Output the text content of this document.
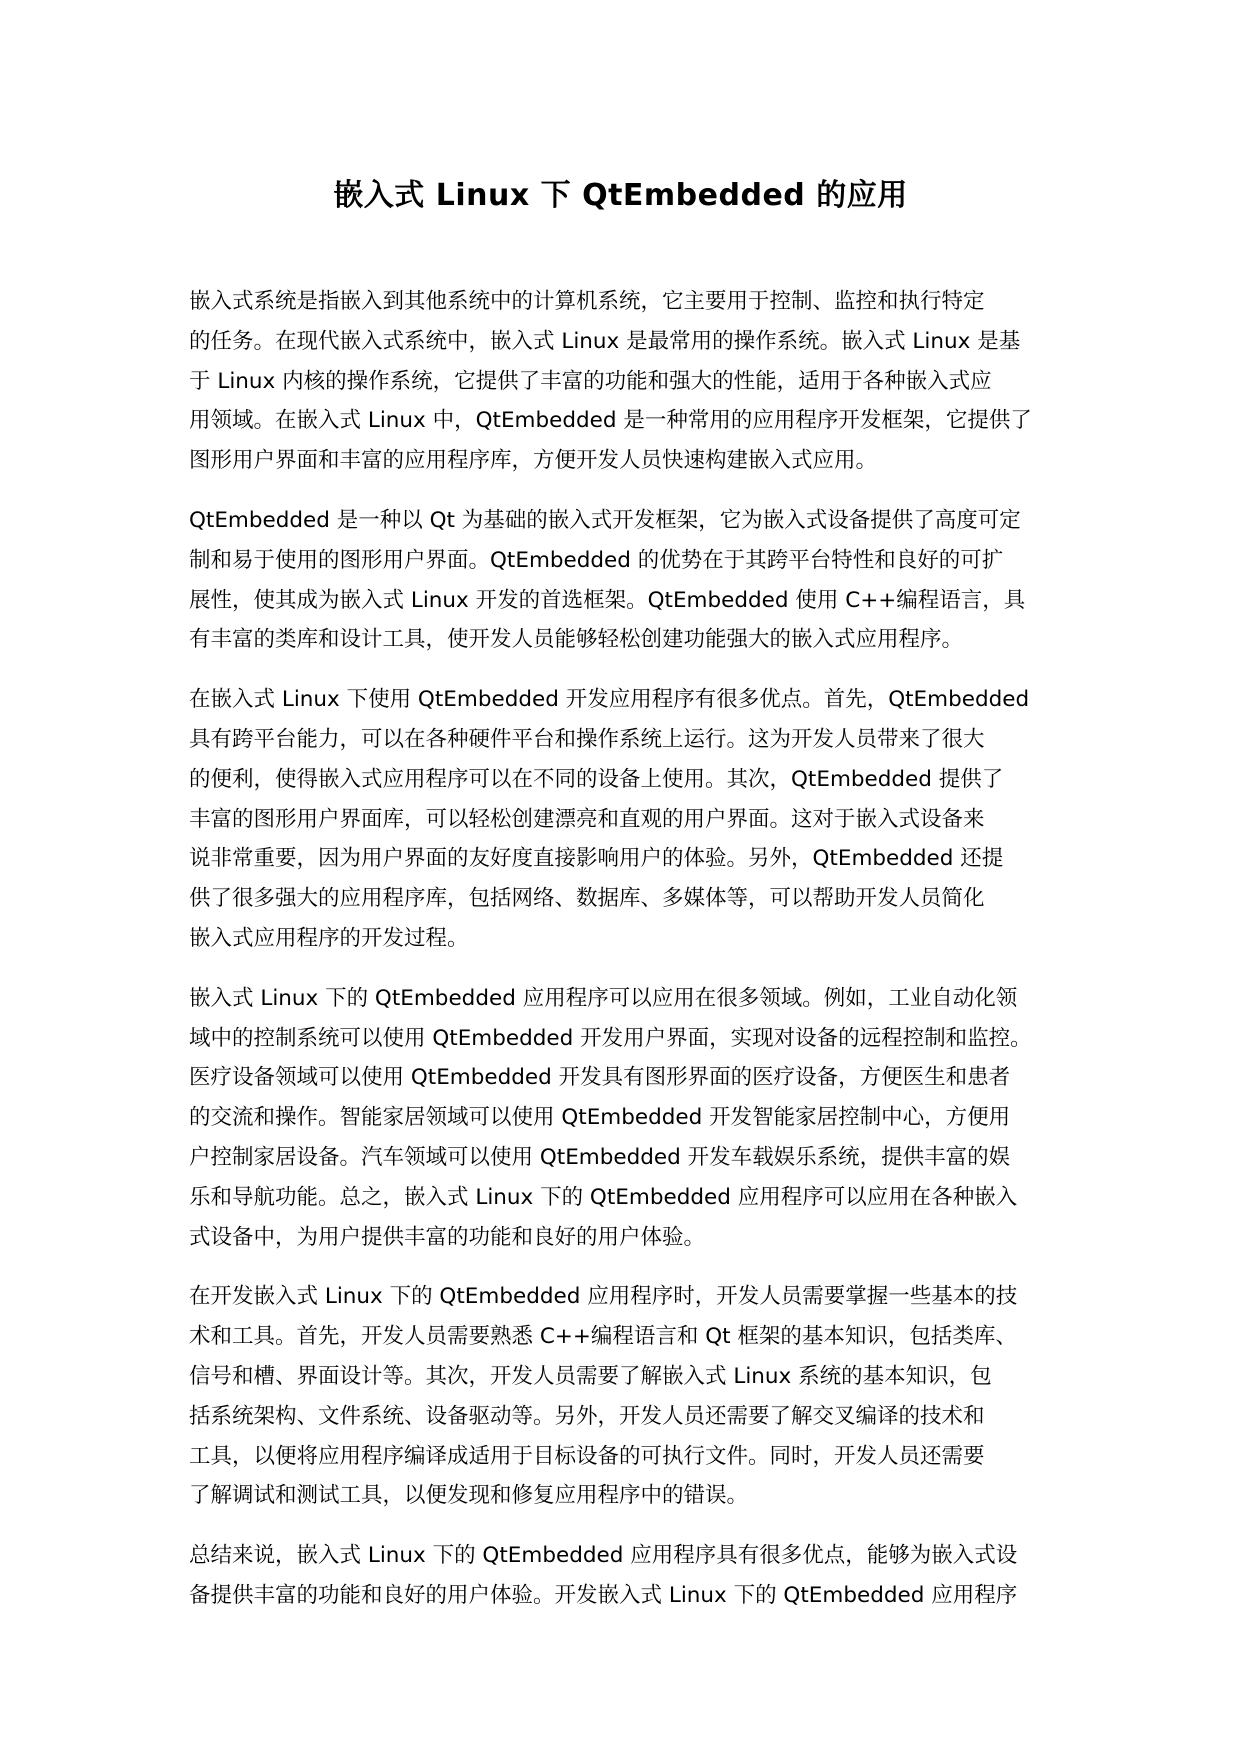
嵌入式 Linux 下 QtEmbedded 的应用

嵌入式系统是指嵌入到其他系统中的计算机系统，它主要用于控制、监控和执行特定
的任务。在现代嵌入式系统中，嵌入式 Linux 是最常用的操作系统。嵌入式 Linux 是基
于 Linux 内核的操作系统，它提供了丰富的功能和强大的性能，适用于各种嵌入式应
用领域。在嵌入式 Linux 中，QtEmbedded 是一种常用的应用程序开发框架，它提供了
图形用户界面和丰富的应用程序库，方便开发人员快速构建嵌入式应用。

QtEmbedded 是一种以 Qt 为基础的嵌入式开发框架，它为嵌入式设备提供了高度可定
制和易于使用的图形用户界面。QtEmbedded 的优势在于其跨平台特性和良好的可扩
展性，使其成为嵌入式 Linux 开发的首选框架。QtEmbedded 使用 C++编程语言，具
有丰富的类库和设计工具，使开发人员能够轻松创建功能强大的嵌入式应用程序。

在嵌入式 Linux 下使用 QtEmbedded 开发应用程序有很多优点。首先，QtEmbedded
具有跨平台能力，可以在各种硬件平台和操作系统上运行。这为开发人员带来了很大
的便利，使得嵌入式应用程序可以在不同的设备上使用。其次，QtEmbedded 提供了
丰富的图形用户界面库，可以轻松创建漂亮和直观的用户界面。这对于嵌入式设备来
说非常重要，因为用户界面的友好度直接影响用户的体验。另外，QtEmbedded 还提
供了很多强大的应用程序库，包括网络、数据库、多媒体等，可以帮助开发人员简化
嵌入式应用程序的开发过程。

嵌入式 Linux 下的 QtEmbedded 应用程序可以应用在很多领域。例如，工业自动化领
域中的控制系统可以使用 QtEmbedded 开发用户界面，实现对设备的远程控制和监控。
医疗设备领域可以使用 QtEmbedded 开发具有图形界面的医疗设备，方便医生和患者
的交流和操作。智能家居领域可以使用 QtEmbedded 开发智能家居控制中心，方便用
户控制家居设备。汽车领域可以使用 QtEmbedded 开发车载娱乐系统，提供丰富的娱
乐和导航功能。总之，嵌入式 Linux 下的 QtEmbedded 应用程序可以应用在各种嵌入
式设备中，为用户提供丰富的功能和良好的用户体验。

在开发嵌入式 Linux 下的 QtEmbedded 应用程序时，开发人员需要掌握一些基本的技
术和工具。首先，开发人员需要熟悉 C++编程语言和 Qt 框架的基本知识，包括类库、
信号和槽、界面设计等。其次，开发人员需要了解嵌入式 Linux 系统的基本知识，包
括系统架构、文件系统、设备驱动等。另外，开发人员还需要了解交叉编译的技术和
工具，以便将应用程序编译成适用于目标设备的可执行文件。同时，开发人员还需要
了解调试和测试工具，以便发现和修复应用程序中的错误。

总结来说，嵌入式 Linux 下的 QtEmbedded 应用程序具有很多优点，能够为嵌入式设
备提供丰富的功能和良好的用户体验。开发嵌入式 Linux 下的 QtEmbedded 应用程序
